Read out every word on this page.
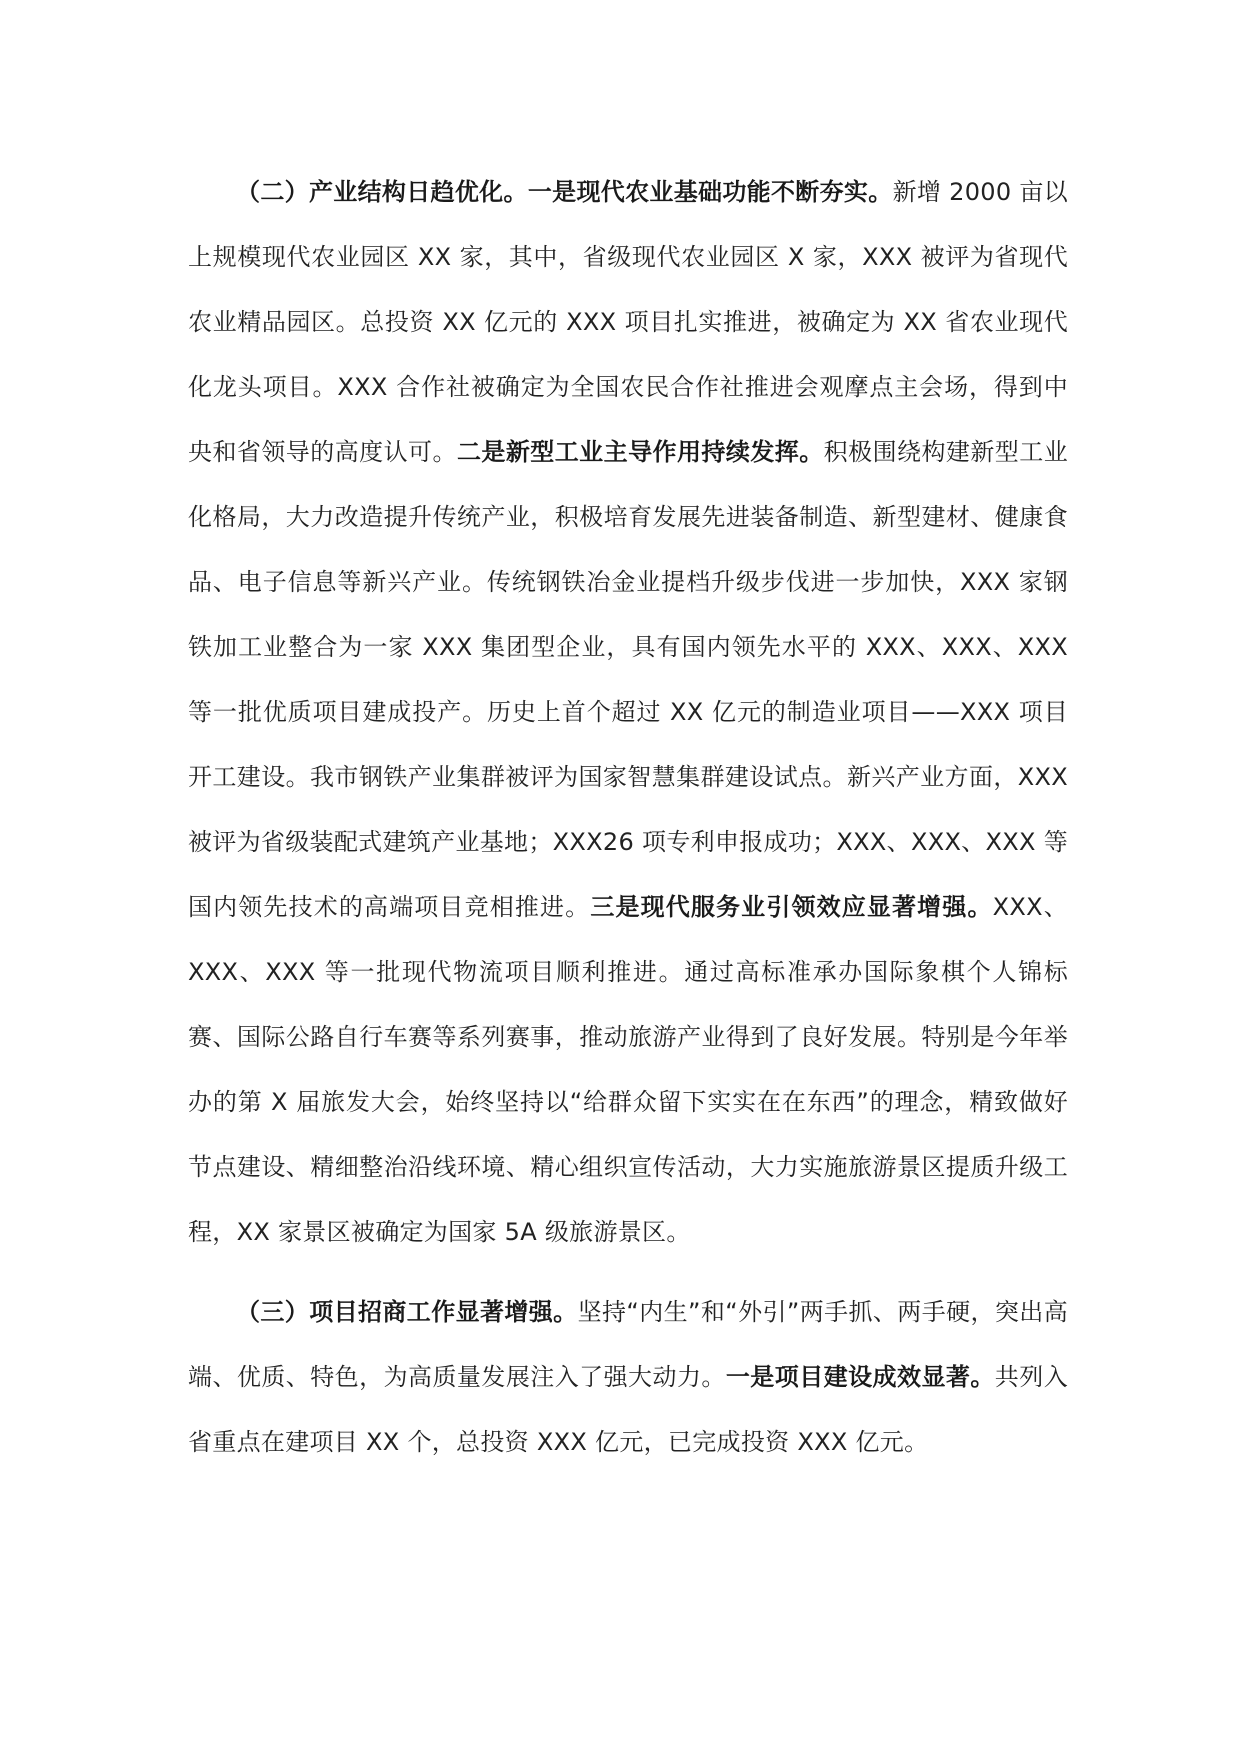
（二）产业结构日趋优化。一是现代农业基础功能不断夯实。新增 2000 亩以上规模现代农业园区 XX 家，其中，省级现代农业园区 X 家，XXX 被评为省现代农业精品园区。总投资 XX 亿元的 XXX 项目扎实推进，被确定为 XX 省农业现代化龙头项目。XXX 合作社被确定为全国农民合作社推进会观摩点主会场，得到中央和省领导的高度认可。二是新型工业主导作用持续发挥。积极围绕构建新型工业化格局，大力改造提升传统产业，积极培育发展先进装备制造、新型建材、健康食品、电子信息等新兴产业。传统钢铁冶金业提档升级步伐进一步加快，XXX 家钢铁加工业整合为一家 XXX 集团型企业，具有国内领先水平的 XXX、XXX、XXX 等一批优质项目建成投产。历史上首个超过 XX 亿元的制造业项目——XXX 项目开工建设。我市钢铁产业集群被评为国家智慧集群建设试点。新兴产业方面，XXX 被评为省级装配式建筑产业基地；XXX26 项专利申报成功；XXX、XXX、XXX 等国内领先技术的高端项目竞相推进。三是现代服务业引领效应显著增强。XXX、XXX、XXX 等一批现代物流项目顺利推进。通过高标准承办国际象棋个人锦标赛、国际公路自行车赛等系列赛事，推动旅游产业得到了良好发展。特别是今年举办的第 X 届旅发大会，始终坚持以“给群众留下实实在在东西”的理念，精致做好节点建设、精细整治沿线环境、精心组织宣传活动，大力实施旅游景区提质升级工程，XX 家景区被确定为国家 5A 级旅游景区。

（三）项目招商工作显著增强。坚持“内生”和“外引”两手抓、两手硬，突出高端、优质、特色，为高质量发展注入了强大动力。一是项目建设成效显著。共列入省重点在建项目 XX 个，总投资 XXX 亿元，已完成投资 XXX 亿元。
